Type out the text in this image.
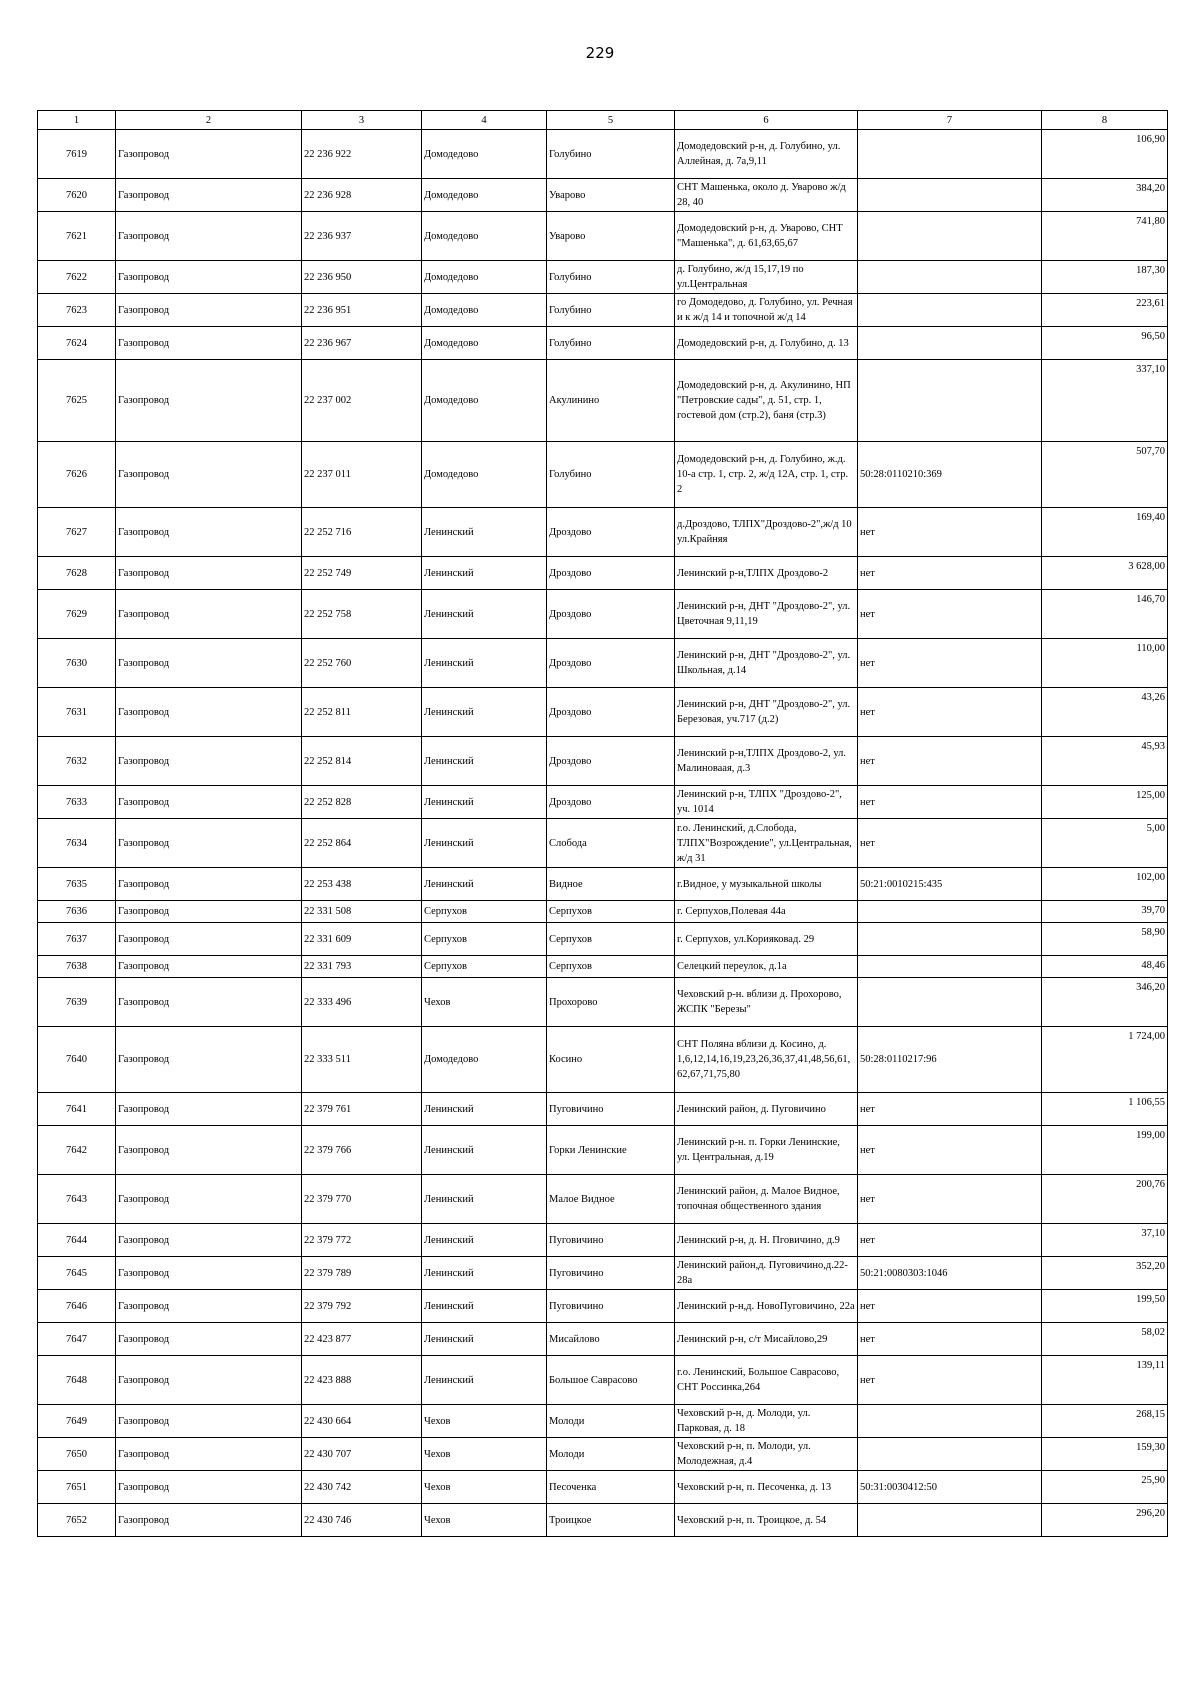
229
1	2	3	4	5	6	7	8
7619	Газопровод	22 236 922	Домодедово	Голубино	Домодедовский р-н, д. Голубино, ул. Аллейная, д. 7а,9,11		106,90
7620	Газопровод	22 236 928	Домодедово	Уварово	СНТ Машенька, около д. Уварово ж/д 28, 40		384,20
7621	Газопровод	22 236 937	Домодедово	Уварово	Домодедовский р-н, д. Уварово, СНТ "Машенька", д. 61,63,65,67		741,80
7622	Газопровод	22 236 950	Домодедово	Голубино	д. Голубино, ж/д 15,17,19 по ул.Центральная		187,30
7623	Газопровод	22 236 951	Домодедово	Голубино	го Домодедово, д. Голубино, ул. Речная и к ж/д 14 и топочной ж/д 14		223,61
7624	Газопровод	22 236 967	Домодедово	Голубино	Домодедовский р-н, д. Голубино, д. 13		96,50
7625	Газопровод	22 237 002	Домодедово	Акулинино	Домодедовский р-н, д. Акулинино, НП "Петровские сады", д. 51, стр. 1, гостевой дом (стр.2), баня (стр.3)		337,10
7626	Газопровод	22 237 011	Домодедово	Голубино	Домодедовский р-н, д. Голубино, ж.д. 10-а стр. 1, стр. 2, ж/д 12А, стр. 1, стр. 2	50:28:0110210:369	507,70
7627	Газопровод	22 252 716	Ленинский	Дроздово	д.Дроздово, ТЛПХ"Дроздово-2",ж/д 10 ул.Крайняя	нет	169,40
7628	Газопровод	22 252 749	Ленинский	Дроздово	Ленинский р-н,ТЛПХ Дроздово-2	нет	3 628,00
7629	Газопровод	22 252 758	Ленинский	Дроздово	Ленинский р-н, ДНТ "Дроздово-2", ул. Цветочная 9,11,19	нет	146,70
7630	Газопровод	22 252 760	Ленинский	Дроздово	Ленинский р-н, ДНТ "Дроздово-2", ул. Школьная, д.14	нет	110,00
7631	Газопровод	22 252 811	Ленинский	Дроздово	Ленинский р-н, ДНТ "Дроздово-2", ул. Березовая, уч.717 (д.2)	нет	43,26
7632	Газопровод	22 252 814	Ленинский	Дроздово	Ленинский р-н,ТЛПХ Дроздово-2, ул. Малиноваая, д.3	нет	45,93
7633	Газопровод	22 252 828	Ленинский	Дроздово	Ленинский р-н, ТЛПХ "Дроздово-2", уч. 1014	нет	125,00
7634	Газопровод	22 252 864	Ленинский	Слобода	г.о. Ленинский, д.Слобода, ТЛПХ"Возрождение", ул.Центральная, ж/д 31	нет	5,00
7635	Газопровод	22 253 438	Ленинский	Видное	г.Видное, у музыкальной школы	50:21:0010215:435	102,00
7636	Газопровод	22 331 508	Серпухов	Серпухов	г. Серпухов,Полевая 44а		39,70
7637	Газопровод	22 331 609	Серпухов	Серпухов	г. Серпухов, ул.Корияковад. 29		58,90
7638	Газопровод	22 331 793	Серпухов	Серпухов	Селецкий переулок, д.1а		48,46
7639	Газопровод	22 333 496	Чехов	Прохорово	Чеховский р-н. вблизи д. Прохорово, ЖСПК "Березы"		346,20
7640	Газопровод	22 333 511	Домодедово	Косино	СНТ Поляна вблизи д. Косино, д. 1,6,12,14,16,19,23,26,36,37,41,48,56,61,62,67,71,75,80	50:28:0110217:96	1 724,00
7641	Газопровод	22 379 761	Ленинский	Пуговичино	Ленинский район, д. Пуговичино	нет	1 106,55
7642	Газопровод	22 379 766	Ленинский	Горки Ленинские	Ленинский р-н. п. Горки Ленинские, ул. Центральная, д.19	нет	199,00
7643	Газопровод	22 379 770	Ленинский	Малое Видное	Ленинский район, д. Малое Видное, топочная общественного здания	нет	200,76
7644	Газопровод	22 379 772	Ленинский	Пуговичино	Ленинский р-н, д. Н. Пговичино, д.9	нет	37,10
7645	Газопровод	22 379 789	Ленинский	Пуговичино	Ленинский район,д. Пуговичино,д.22-28а	50:21:0080303:1046	352,20
7646	Газопровод	22 379 792	Ленинский	Пуговичино	Ленинский р-н,д. НовоПуговичино, 22а	нет	199,50
7647	Газопровод	22 423 877	Ленинский	Мисайлово	Ленинский р-н, с/т Мисайлово,29	нет	58,02
7648	Газопровод	22 423 888	Ленинский	Большое Саврасово	г.о. Ленинский, Большое Саврасово, СНТ Россинка,264	нет	139,11
7649	Газопровод	22 430 664	Чехов	Молоди	Чеховский р-н, д. Молоди, ул. Парковая, д. 18		268,15
7650	Газопровод	22 430 707	Чехов	Молоди	Чеховский р-н, п. Молоди, ул. Молодежная, д.4		159,30
7651	Газопровод	22 430 742	Чехов	Песоченка	Чеховский р-н, п. Песоченка, д. 13	50:31:0030412:50	25,90
7652	Газопровод	22 430 746	Чехов	Троицкое	Чеховский р-н, п. Троицкое, д. 54		296,20
